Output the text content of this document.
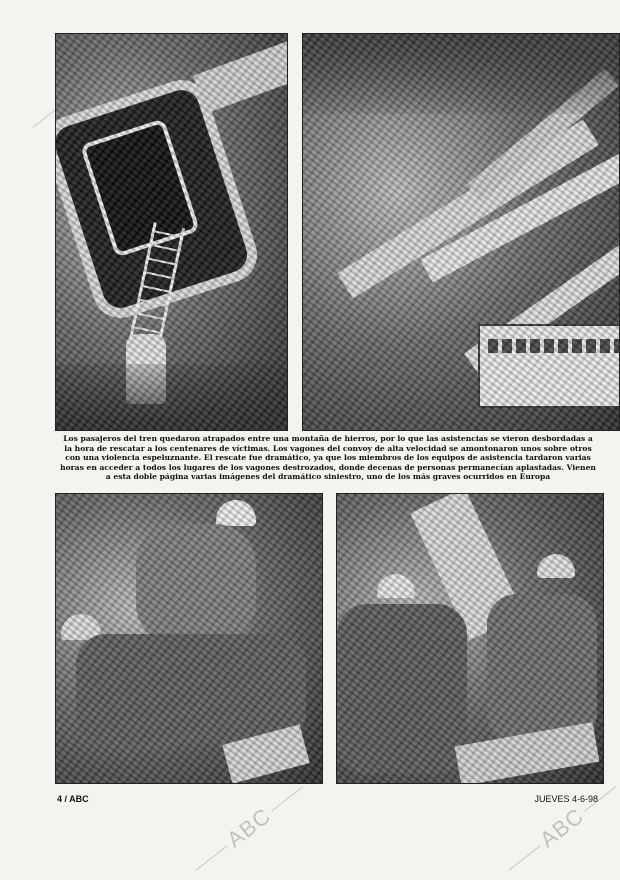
ABC	ABC

Los pasajeros del tren quedaron atrapados entre una montaña de hierros, por lo que las asistencias se vieron desbordadas a la hora de rescatar a los centenares de víctimas. Los vagones del convoy de alta velocidad se amontonaron unos sobre otros con una violencia espeluznante. El rescate fue dramático, ya que los miembros de los equipos de asistencia tardaron varias horas en acceder a todos los lugares de los vagones destrozados, donde decenas de personas permanecían aplastadas. Vienen a esta doble página varias imágenes del dramático siniestro, uno de los más graves ocurridos en Europa

4 / ABC	JUEVES 4-6-98
